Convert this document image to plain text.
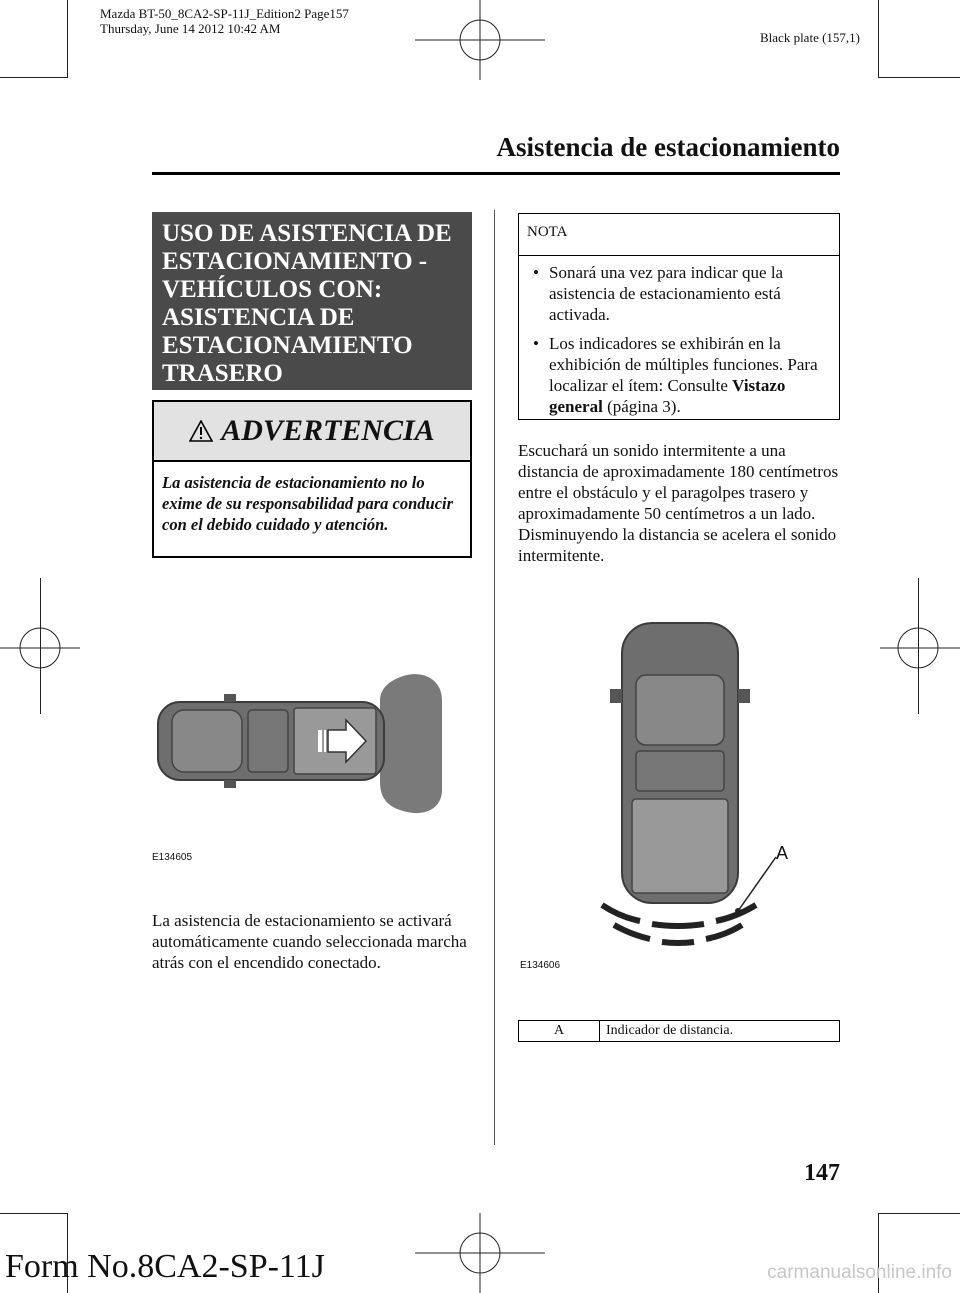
Mazda BT-50_8CA2-SP-11J_Edition2 Page157
Thursday, June 14 2012 10:42 AM
Black plate (157,1)
Asistencia de estacionamiento
USO DE ASISTENCIA DE
ESTACIONAMIENTO -
VEHÍCULOS CON:
ASISTENCIA DE
ESTACIONAMIENTO
TRASERO
ADVERTENCIA
La asistencia de estacionamiento no lo exime de su responsabilidad para conducir con el debido cuidado y atención.
E134605
La asistencia de estacionamiento se activará automáticamente cuando seleccionada marcha atrás con el encendido conectado.
NOTA
• Sonará una vez para indicar que la asistencia de estacionamiento está activada.
• Los indicadores se exhibirán en la exhibición de múltiples funciones. Para localizar el ítem: Consulte Vistazo general (página 3).
Escuchará un sonido intermitente a una distancia de aproximadamente 180 centímetros entre el obstáculo y el paragolpes trasero y aproximadamente 50 centímetros a un lado. Disminuyendo la distancia se acelera el sonido intermitente.
A
E134606
A	Indicador de distancia.
147
Form No.8CA2-SP-11J	carmanualsonline.info
